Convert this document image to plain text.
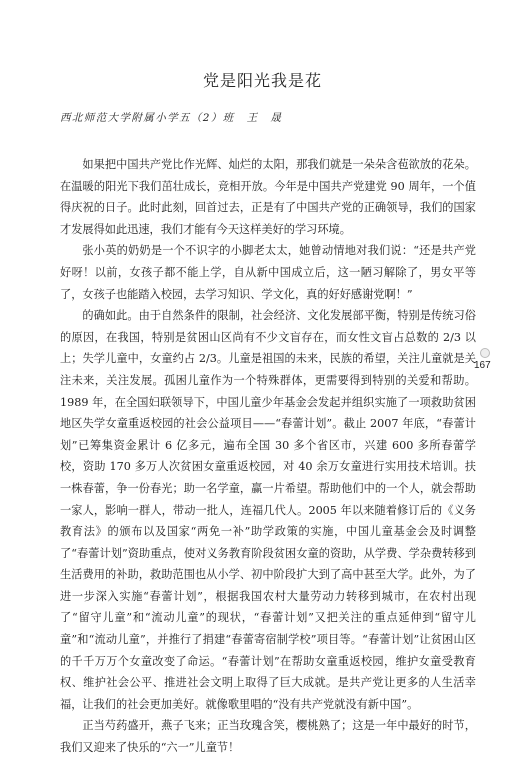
党是阳光我是花
西北师范大学附属小学五（2）班　王　晟

如果把中国共产党比作光辉、灿烂的太阳，那我们就是一朵朵含苞欲放的花朵。在温暖的阳光下我们茁壮成长，竞相开放。今年是中国共产党建党 90 周年，一个值得庆祝的日子。此时此刻，回首过去，正是有了中国共产党的正确领导，我们的国家才发展得如此迅速，我们才能有今天这样美好的学习环境。

张小英的奶奶是一个不识字的小脚老太太，她曾动情地对我们说：“还是共产党好呀！以前，女孩子都不能上学，自从新中国成立后，这一陋习解除了，男女平等了，女孩子也能踏入校园，去学习知识、学文化，真的好好感谢党啊！”

的确如此。由于自然条件的限制，社会经济、文化发展部平衡，特别是传统习俗的原因，在我国，特别是贫困山区尚有不少文盲存在，而女性文盲占总数的 2/3 以上；失学儿童中，女童约占 2/3。儿童是祖国的未来，民族的希望，关注儿童就是关注未来，关注发展。孤困儿童作为一个特殊群体，更需要得到特别的关爱和帮助。1989 年，在全国妇联领导下，中国儿童少年基金会发起并组织实施了一项救助贫困地区失学女童重返校园的社会公益项目——“春蕾计划”。截止 2007 年底，“春蕾计划”已筹集资金累计 6 亿多元，遍布全国 30 多个省区市，兴建 600 多所春蕾学校，资助 170 多万人次贫困女童重返校园，对 40 余万女童进行实用技术培训。扶一株春蕾，争一份春光；助一名学童，赢一片希望。帮助他们中的一个人，就会帮助一家人，影响一群人，带动一批人，连福几代人。2005 年以来随着修订后的《义务教育法》的颁布以及国家“两免一补”助学政策的实施，中国儿童基金会及时调整了“春蕾计划”资助重点，使对义务教育阶段贫困女童的资助，从学费、学杂费转移到生活费用的补助，救助范围也从小学、初中阶段扩大到了高中甚至大学。此外，为了进一步深入实施“春蕾计划”，根据我国农村大量劳动力转移到城市，在农村出现了“留守儿童”和“流动儿童”的现状，“春蕾计划”又把关注的重点延伸到“留守儿童”和“流动儿童”，并推行了捐建“春蕾寄宿制学校”项目等。“春蕾计划”让贫困山区的千千万万个女童改变了命运。“春蕾计划”在帮助女童重返校园，维护女童受教育权、维护社会公平、推进社会文明上取得了巨大成就。是共产党让更多的人生活幸福，让我们的社会更加美好。就像歌里唱的“没有共产党就没有新中国”。

正当芍药盛开，燕子飞来；正当玫瑰含笑，樱桃熟了；这是一年中最好的时节，我们又迎来了快乐的“六一”儿童节！

167
